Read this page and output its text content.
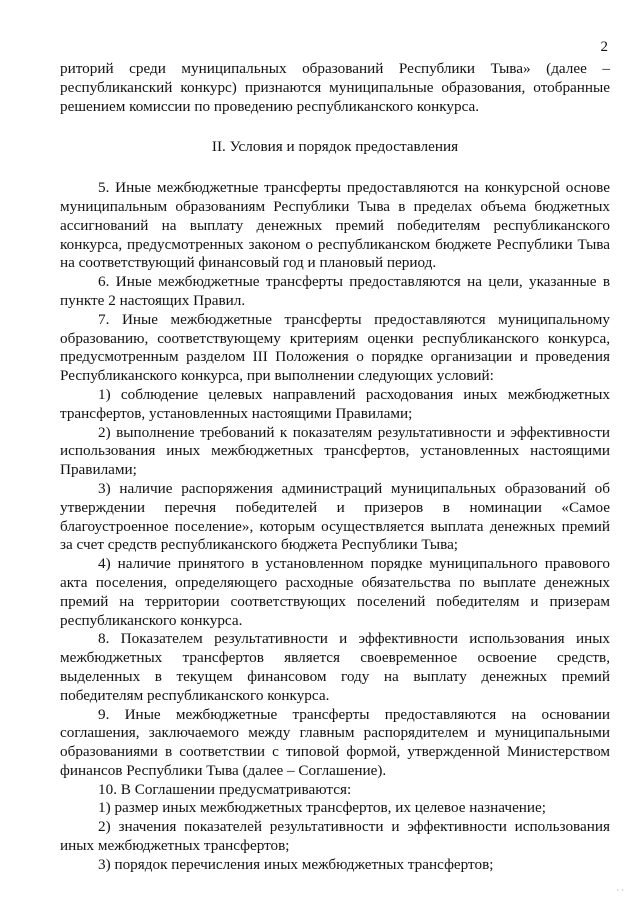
2

риторий среди муниципальных образований Республики Тыва» (далее – республиканский конкурс) признаются муниципальные образования, отобранные решением комиссии по проведению республиканского конкурса.

II. Условия и порядок предоставления

5. Иные межбюджетные трансферты предоставляются на конкурсной основе муниципальным образованиям Республики Тыва в пределах объема бюджетных ассигнований на выплату денежных премий победителям республиканского конкурса, предусмотренных законом о республиканском бюджете Республики Тыва на соответствующий финансовый год и плановый период.

6. Иные межбюджетные трансферты предоставляются на цели, указанные в пункте 2 настоящих Правил.

7. Иные межбюджетные трансферты предоставляются муниципальному образованию, соответствующему критериям оценки республиканского конкурса, предусмотренным разделом III Положения о порядке организации и проведения Республиканского конкурса, при выполнении следующих условий:

1) соблюдение целевых направлений расходования иных межбюджетных трансфертов, установленных настоящими Правилами;

2) выполнение требований к показателям результативности и эффективности использования иных межбюджетных трансфертов, установленных настоящими Правилами;

3) наличие распоряжения администраций муниципальных образований об утверждении перечня победителей и призеров в номинации «Самое благоустроенное поселение», которым осуществляется выплата денежных премий за счет средств республиканского бюджета Республики Тыва;

4) наличие принятого в установленном порядке муниципального правового акта поселения, определяющего расходные обязательства по выплате денежных премий на территории соответствующих поселений победителям и призерам республиканского конкурса.

8. Показателем результативности и эффективности использования иных межбюджетных трансфертов является своевременное освоение средств, выделенных в текущем финансовом году на выплату денежных премий победителям республиканского конкурса.

9. Иные межбюджетные трансферты предоставляются на основании соглашения, заключаемого между главным распорядителем и муниципальными образованиями в соответствии с типовой формой, утвержденной Министерством финансов Республики Тыва (далее – Соглашение).

10. В Соглашении предусматриваются:

1) размер иных межбюджетных трансфертов, их целевое назначение;

2) значения показателей результативности и эффективности использования иных межбюджетных трансфертов;

3) порядок перечисления иных межбюджетных трансфертов;

· ·
